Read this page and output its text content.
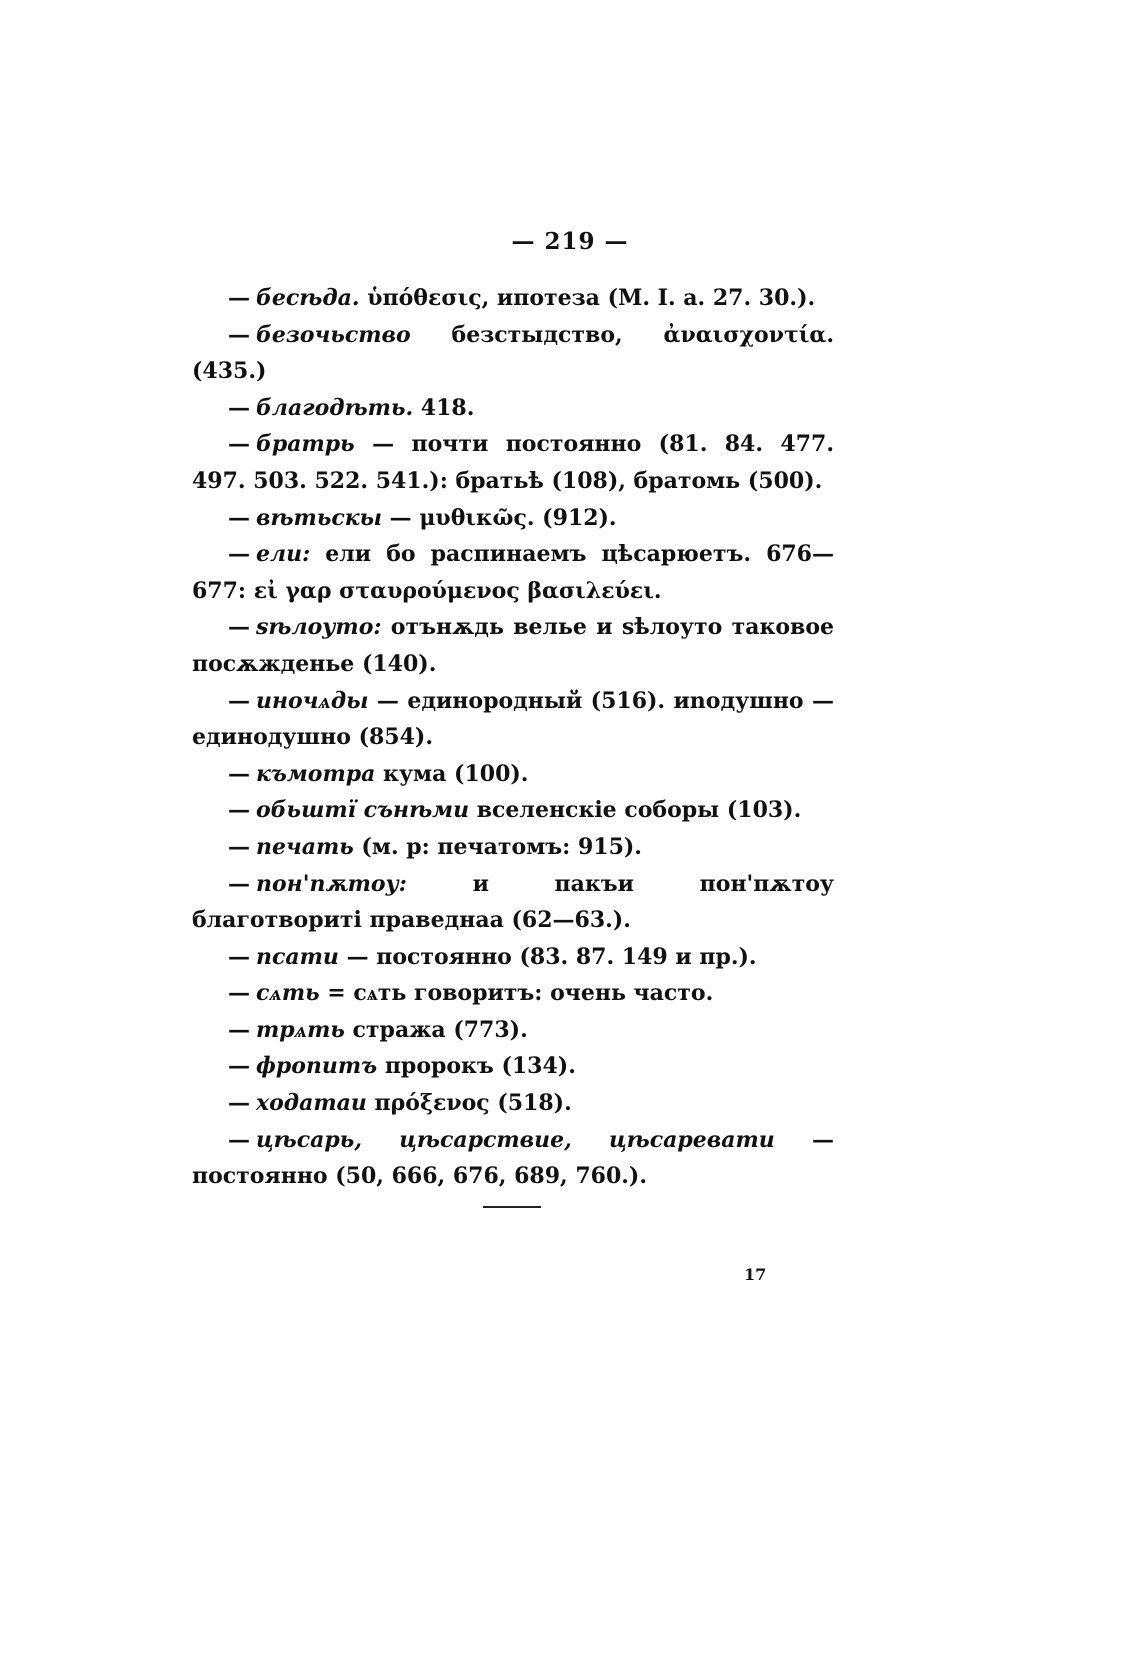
— 219 —

— бесѣда. ὑπόθεσις, ипотеза (M. I. a. 27. 30.).

— безочьство безстыдство, ἀναισχοντία. (435.)

— благодѣть. 418.

— братрь — почти постоянно (81. 84. 477. 497. 503. 522. 541.): братьѣ (108), братомь (500).

— вѣтьскы — μυθικῶς. (912).

— ели: ели бо распинаемъ цѣсарюетъ. 676—677: εἰ γαρ σταυρούμενος βασιλεύει.

— ѕѣлоуто: отънѫдь велье и ѕѣлоуто таковое посѫжденье (140).

— иночѧды — единородный (516). иnодушно — единодушно (854).

— къмотра кума (100).

— обьштї сънѣми вселенскіе соборы (103).

— печать (м. р: печатомъ: 915).

— пон'пѫтоу: и пакъи пон'пѫтоу благотворитi праведнаа (62—63.).

— псати — постоянно (83. 87. 149 и пр.).

— сѧть = сѧть говоритъ: очень часто.

— трѧть стража (773).

— фропитъ пророкъ (134).

— ходатаи πρόξενος (518).

— цѣсарь, цѣсарствие, цѣсаревати — постоянно (50, 666, 676, 689, 760.).

17
